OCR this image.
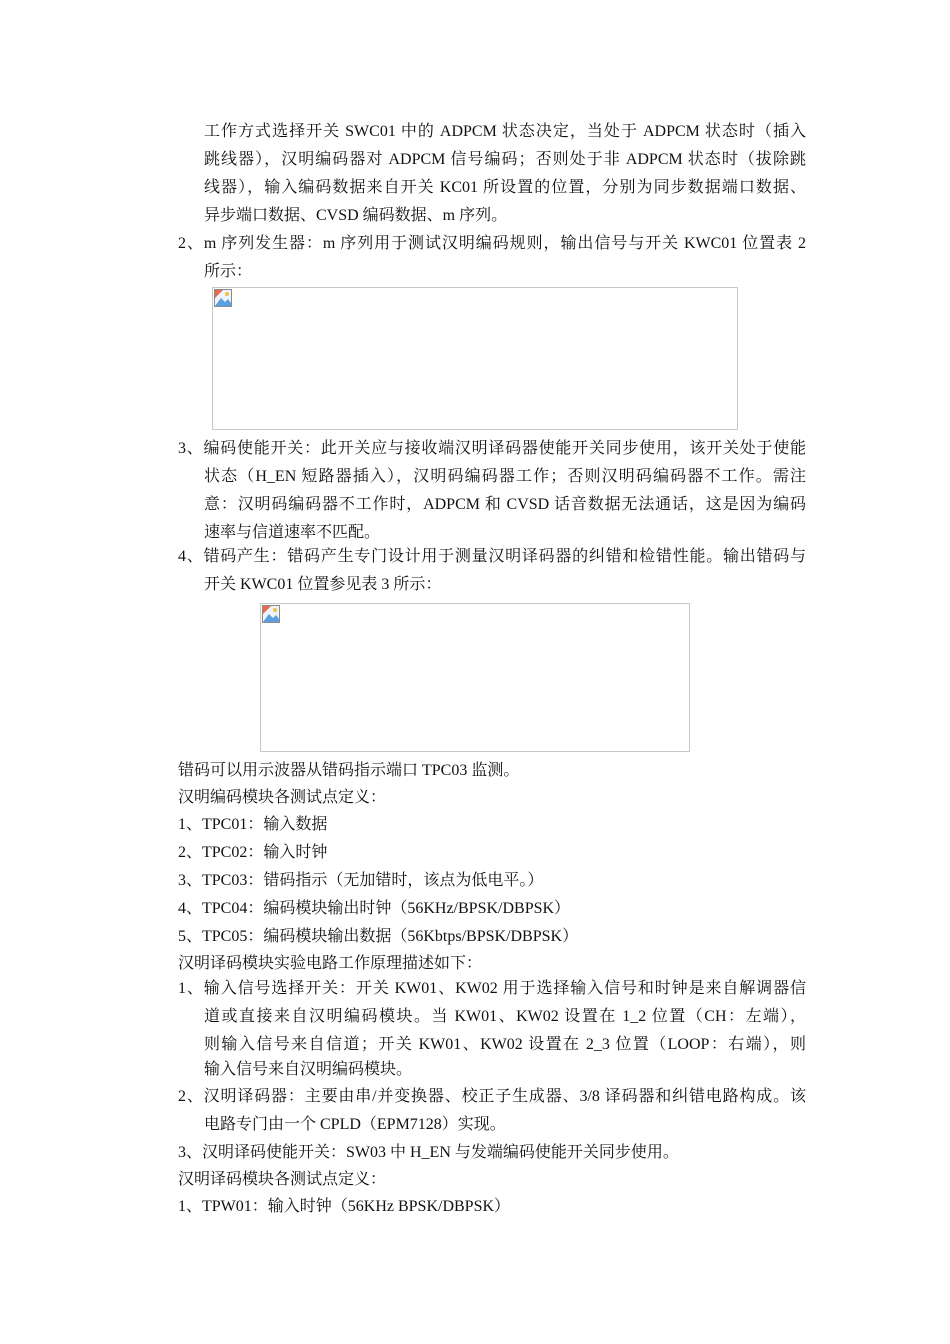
工作方式选择开关 SWC01 中的 ADPCM 状态决定，当处于 ADPCM 状态时（插入
跳线器），汉明编码器对 ADPCM 信号编码；否则处于非 ADPCM 状态时（拔除跳
线器），输入编码数据来自开关 KC01 所设置的位置，分别为同步数据端口数据、
异步端口数据、CVSD 编码数据、m 序列。
2、m 序列发生器：m 序列用于测试汉明编码规则，输出信号与开关 KWC01 位置表 2
所示：
3、编码使能开关：此开关应与接收端汉明译码器使能开关同步使用，该开关处于使能
状态（H_EN 短路器插入），汉明码编码器工作；否则汉明码编码器不工作。需注
意：汉明码编码器不工作时，ADPCM 和 CVSD 话音数据无法通话，这是因为编码
速率与信道速率不匹配。
4、错码产生：错码产生专门设计用于测量汉明译码器的纠错和检错性能。输出错码与
开关 KWC01 位置参见表 3 所示：
错码可以用示波器从错码指示端口 TPC03 监测。
汉明编码模块各测试点定义：
1、TPC01：输入数据
2、TPC02：输入时钟
3、TPC03：错码指示（无加错时，该点为低电平。）
4、TPC04：编码模块输出时钟（56KHz/BPSK/DBPSK）
5、TPC05：编码模块输出数据（56Kbtps/BPSK/DBPSK）
汉明译码模块实验电路工作原理描述如下：
1、输入信号选择开关：开关 KW01、KW02 用于选择输入信号和时钟是来自解调器信
道或直接来自汉明编码模块。当 KW01、KW02 设置在 1_2 位置（CH：左端），
则输入信号来自信道；开关 KW01、KW02 设置在 2_3 位置（LOOP：右端），则
输入信号来自汉明编码模块。
2、汉明译码器：主要由串/并变换器、校正子生成器、3/8 译码器和纠错电路构成。该
电路专门由一个 CPLD（EPM7128）实现。
3、汉明译码使能开关：SW03 中 H_EN 与发端编码使能开关同步使用。
汉明译码模块各测试点定义：
1、TPW01：输入时钟（56KHz BPSK/DBPSK）
